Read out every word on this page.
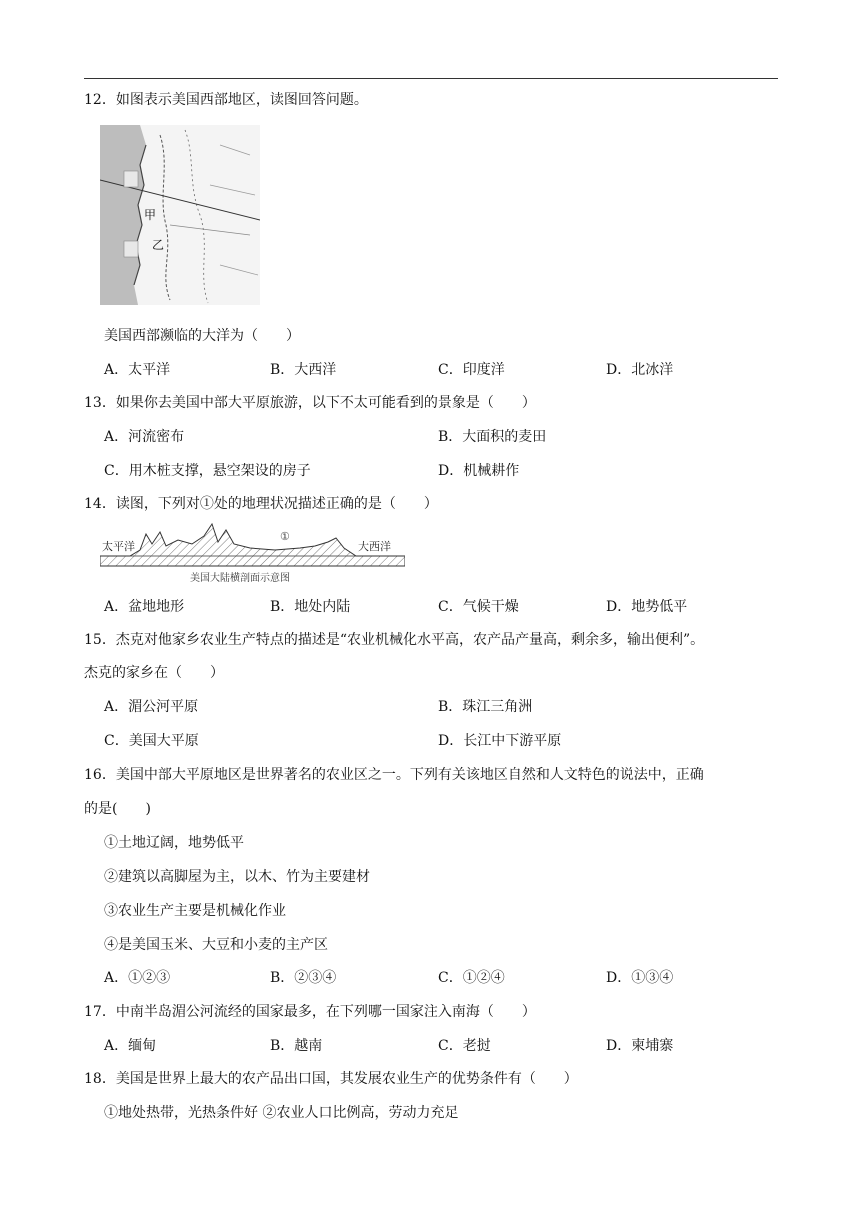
12．如图表示美国西部地区，读图回答问题。
甲
乙
美国西部濒临的大洋为（　　）
A．太平洋	B．大西洋	C．印度洋	D．北冰洋
13．如果你去美国中部大平原旅游，以下不太可能看到的景象是（　　）
A．河流密布	B．大面积的麦田
C．用木桩支撑，悬空架设的房子	D．机械耕作
14．读图，下列对①处的地理状况描述正确的是（　　）
太平洋
①
大西洋
美国大陆横剖面示意图
A．盆地地形	B．地处内陆	C．气候干燥	D．地势低平
15．杰克对他家乡农业生产特点的描述是“农业机械化水平高，农产品产量高，剩余多，输出便利”。
杰克的家乡在（　　）
A．湄公河平原	B．珠江三角洲
C．美国大平原	D．长江中下游平原
16．美国中部大平原地区是世界著名的农业区之一。下列有关该地区自然和人文特色的说法中，正确
的是(　　)
①土地辽阔，地势低平
②建筑以高脚屋为主，以木、竹为主要建材
③农业生产主要是机械化作业
④是美国玉米、大豆和小麦的主产区
A．①②③	B．②③④	C．①②④	D．①③④
17．中南半岛湄公河流经的国家最多，在下列哪一国家注入南海（　　）
A．缅甸	B．越南	C．老挝	D．柬埔寨
18．美国是世界上最大的农产品出口国，其发展农业生产的优势条件有（　　）
①地处热带，光热条件好 ②农业人口比例高，劳动力充足
